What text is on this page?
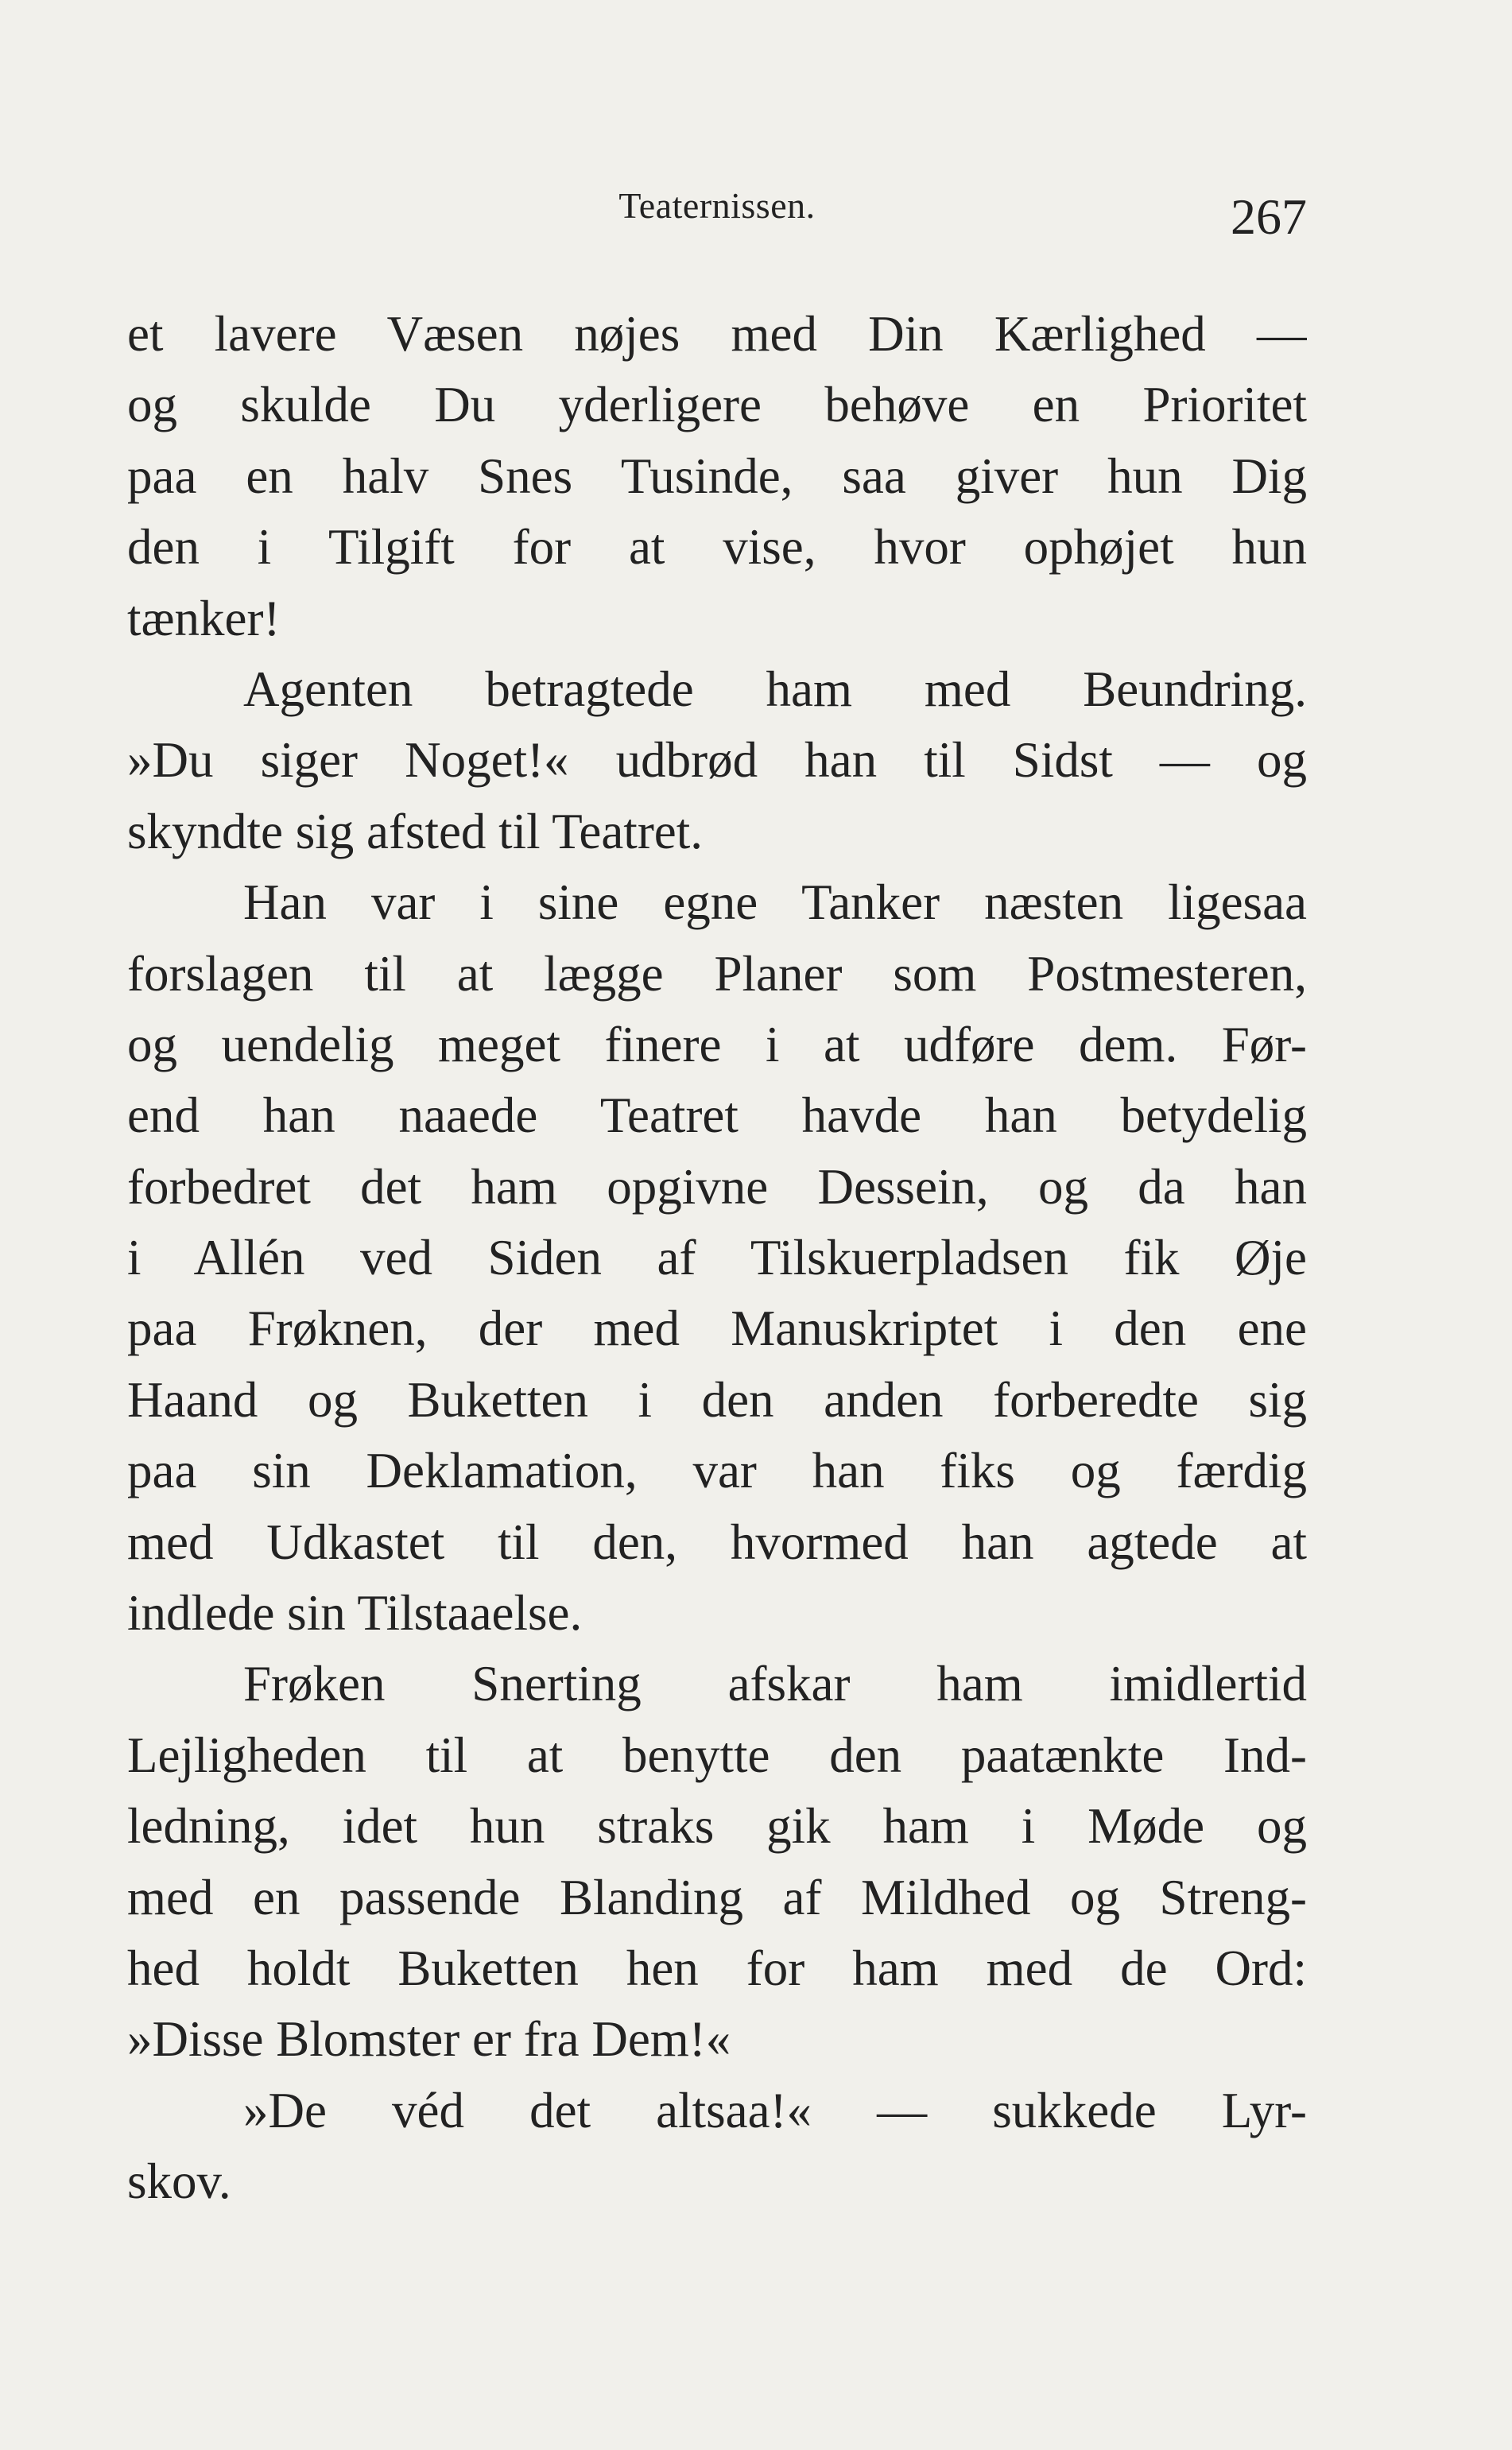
Teaternissen.	267
et lavere Væsen nøjes med Din Kærlighed —
og skulde Du yderligere behøve en Prioritet
paa en halv Snes Tusinde, saa giver hun Dig
den i Tilgift for at vise, hvor ophøjet hun
tænker!
Agenten betragtede ham med Beundring.
»Du siger Noget!« udbrød han til Sidst — og
skyndte sig afsted til Teatret.
Han var i sine egne Tanker næsten ligesaa
forslagen til at lægge Planer som Postmesteren,
og uendelig meget finere i at udføre dem. Før-
end han naaede Teatret havde han betydelig
forbedret det ham opgivne Dessein, og da han
i Allén ved Siden af Tilskuerpladsen fik Øje
paa Frøknen, der med Manuskriptet i den ene
Haand og Buketten i den anden forberedte sig
paa sin Deklamation, var han fiks og færdig
med Udkastet til den, hvormed han agtede at
indlede sin Tilstaaelse.
Frøken Snerting afskar ham imidlertid
Lejligheden til at benytte den paatænkte Ind-
ledning, idet hun straks gik ham i Møde og
med en passende Blanding af Mildhed og Streng-
hed holdt Buketten hen for ham med de Ord:
»Disse Blomster er fra Dem!«
»De véd det altsaa!« — sukkede Lyr-
skov.
